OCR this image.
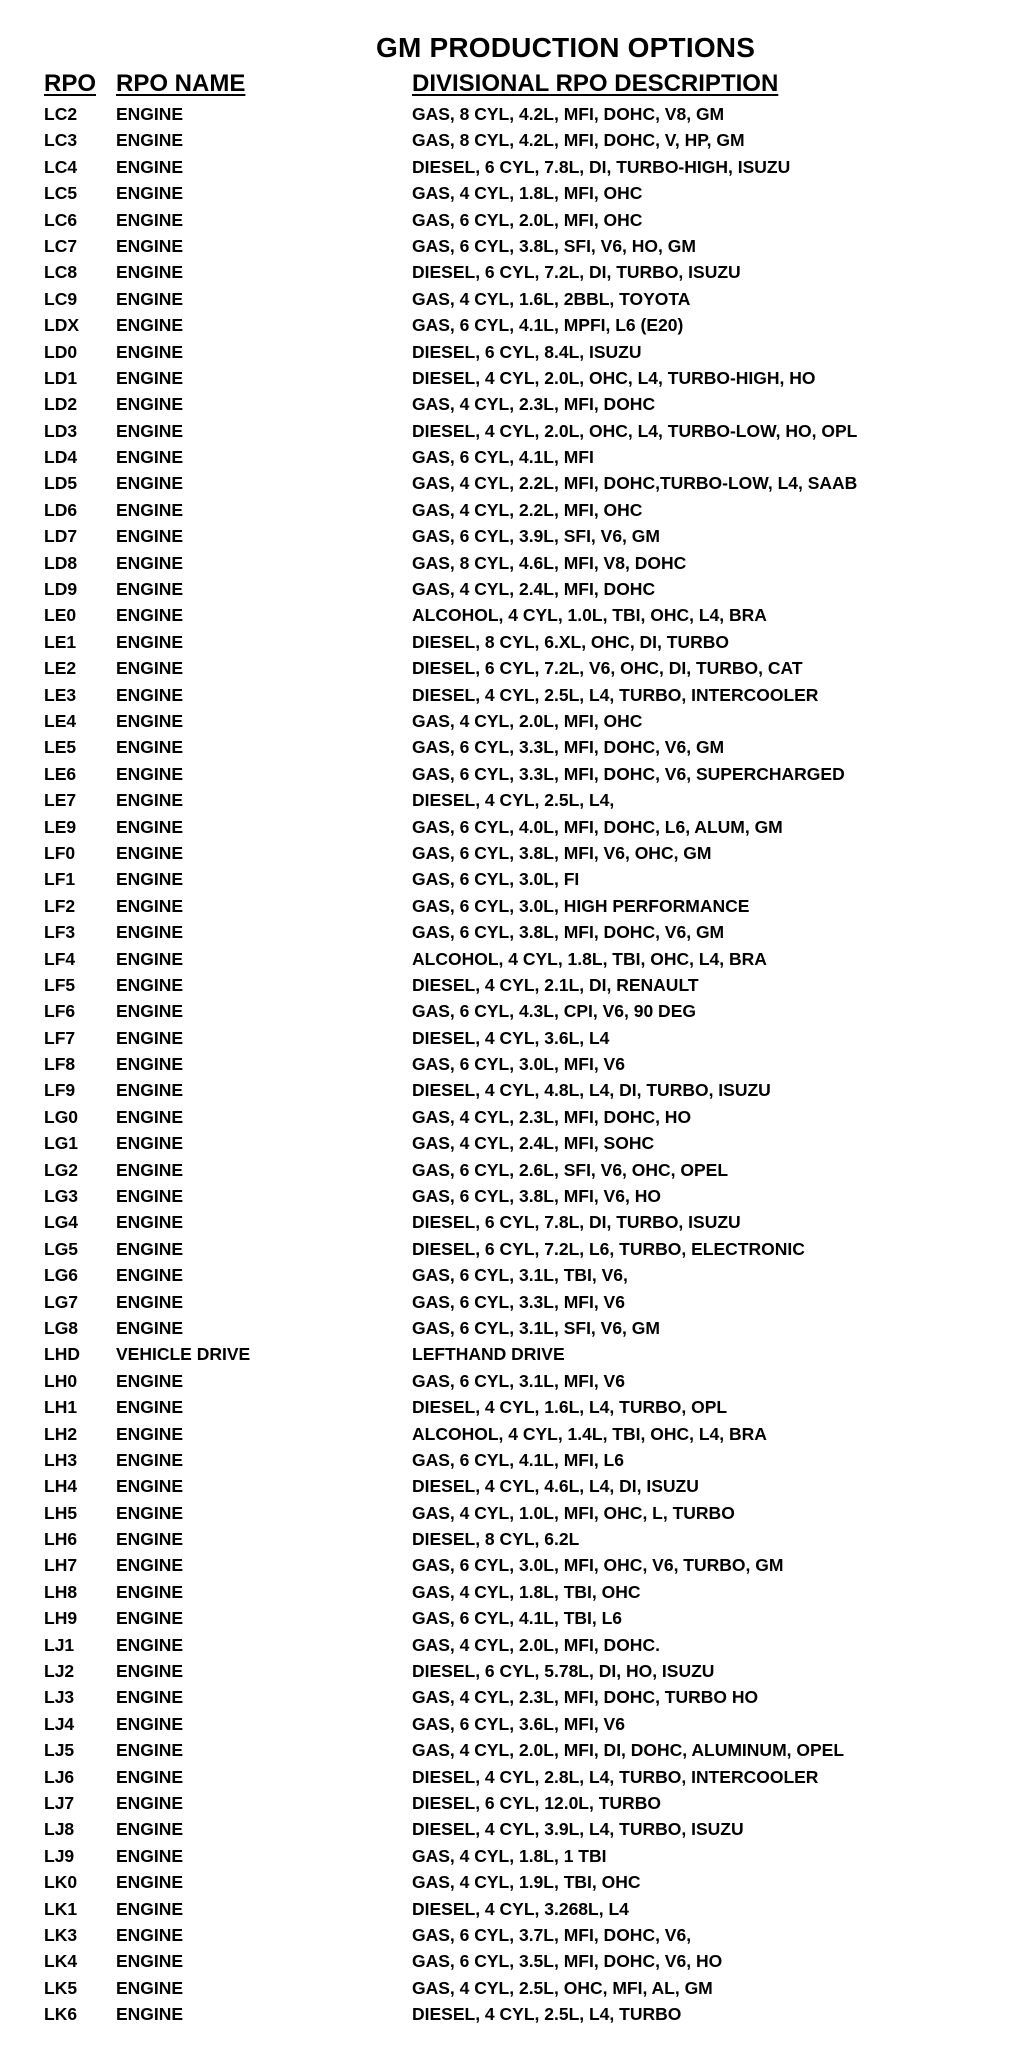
GM PRODUCTION OPTIONS
RPO RPO NAME	DIVISIONAL RPO DESCRIPTION
LC2 ENGINE	GAS, 8 CYL, 4.2L, MFI, DOHC, V8, GM
LC3 ENGINE	GAS, 8 CYL, 4.2L, MFI, DOHC, V, HP, GM
LC4 ENGINE	DIESEL, 6 CYL, 7.8L, DI, TURBO-HIGH, ISUZU
LC5 ENGINE	GAS, 4 CYL, 1.8L, MFI, OHC
LC6 ENGINE	GAS, 6 CYL, 2.0L, MFI, OHC
LC7 ENGINE	GAS, 6 CYL, 3.8L, SFI, V6, HO, GM
LC8 ENGINE	DIESEL, 6 CYL, 7.2L, DI, TURBO, ISUZU
LC9 ENGINE	GAS, 4 CYL, 1.6L, 2BBL, TOYOTA
LDX ENGINE	GAS, 6 CYL, 4.1L, MPFI, L6 (E20)
LD0 ENGINE	DIESEL, 6 CYL, 8.4L, ISUZU
LD1 ENGINE	DIESEL, 4 CYL, 2.0L, OHC, L4, TURBO-HIGH, HO
LD2 ENGINE	GAS, 4 CYL, 2.3L, MFI, DOHC
LD3 ENGINE	DIESEL, 4 CYL, 2.0L, OHC, L4, TURBO-LOW, HO, OPL
LD4 ENGINE	GAS, 6 CYL, 4.1L, MFI
LD5 ENGINE	GAS, 4 CYL, 2.2L, MFI, DOHC,TURBO-LOW, L4, SAAB
LD6 ENGINE	GAS, 4 CYL, 2.2L, MFI, OHC
LD7 ENGINE	GAS, 6 CYL, 3.9L, SFI, V6, GM
LD8 ENGINE	GAS, 8 CYL, 4.6L, MFI, V8, DOHC
LD9 ENGINE	GAS, 4 CYL, 2.4L, MFI, DOHC
LE0 ENGINE	ALCOHOL, 4 CYL, 1.0L, TBI, OHC, L4, BRA
LE1 ENGINE	DIESEL, 8 CYL, 6.XL, OHC, DI, TURBO
LE2 ENGINE	DIESEL, 6 CYL, 7.2L, V6, OHC, DI, TURBO, CAT
LE3 ENGINE	DIESEL, 4 CYL, 2.5L, L4, TURBO, INTERCOOLER
LE4 ENGINE	GAS, 4 CYL, 2.0L, MFI, OHC
LE5 ENGINE	GAS, 6 CYL, 3.3L, MFI, DOHC, V6, GM
LE6 ENGINE	GAS, 6 CYL, 3.3L, MFI, DOHC, V6, SUPERCHARGED
LE7 ENGINE	DIESEL, 4 CYL, 2.5L, L4,
LE9 ENGINE	GAS, 6 CYL, 4.0L, MFI, DOHC, L6, ALUM, GM
LF0 ENGINE	GAS, 6 CYL, 3.8L, MFI, V6, OHC, GM
LF1 ENGINE	GAS, 6 CYL, 3.0L, FI
LF2 ENGINE	GAS, 6 CYL, 3.0L, HIGH PERFORMANCE
LF3 ENGINE	GAS, 6 CYL, 3.8L, MFI, DOHC, V6, GM
LF4 ENGINE	ALCOHOL, 4 CYL, 1.8L, TBI, OHC, L4, BRA
LF5 ENGINE	DIESEL, 4 CYL, 2.1L, DI, RENAULT
LF6 ENGINE	GAS, 6 CYL, 4.3L, CPI, V6, 90 DEG
LF7 ENGINE	DIESEL, 4 CYL, 3.6L, L4
LF8 ENGINE	GAS, 6 CYL, 3.0L, MFI, V6
LF9 ENGINE	DIESEL, 4 CYL, 4.8L, L4, DI, TURBO, ISUZU
LG0 ENGINE	GAS, 4 CYL, 2.3L, MFI, DOHC, HO
LG1 ENGINE	GAS, 4 CYL, 2.4L, MFI, SOHC
LG2 ENGINE	GAS, 6 CYL, 2.6L, SFI, V6, OHC, OPEL
LG3 ENGINE	GAS, 6 CYL, 3.8L, MFI, V6, HO
LG4 ENGINE	DIESEL, 6 CYL, 7.8L, DI, TURBO, ISUZU
LG5 ENGINE	DIESEL, 6 CYL, 7.2L, L6, TURBO, ELECTRONIC
LG6 ENGINE	GAS, 6 CYL, 3.1L, TBI, V6,
LG7 ENGINE	GAS, 6 CYL, 3.3L, MFI, V6
LG8 ENGINE	GAS, 6 CYL, 3.1L, SFI, V6, GM
LHD VEHICLE DRIVE	LEFTHAND DRIVE
LH0 ENGINE	GAS, 6 CYL, 3.1L, MFI, V6
LH1 ENGINE	DIESEL, 4 CYL, 1.6L, L4, TURBO, OPL
LH2 ENGINE	ALCOHOL, 4 CYL, 1.4L, TBI, OHC, L4, BRA
LH3 ENGINE	GAS, 6 CYL, 4.1L, MFI, L6
LH4 ENGINE	DIESEL, 4 CYL, 4.6L, L4, DI, ISUZU
LH5 ENGINE	GAS, 4 CYL, 1.0L, MFI, OHC, L, TURBO
LH6 ENGINE	DIESEL, 8 CYL, 6.2L
LH7 ENGINE	GAS, 6 CYL, 3.0L, MFI, OHC, V6, TURBO, GM
LH8 ENGINE	GAS, 4 CYL, 1.8L, TBI, OHC
LH9 ENGINE	GAS, 6 CYL, 4.1L, TBI, L6
LJ1 ENGINE	GAS, 4 CYL, 2.0L, MFI, DOHC.
LJ2 ENGINE	DIESEL, 6 CYL, 5.78L, DI, HO, ISUZU
LJ3 ENGINE	GAS, 4 CYL, 2.3L, MFI, DOHC, TURBO HO
LJ4 ENGINE	GAS, 6 CYL, 3.6L, MFI, V6
LJ5 ENGINE	GAS, 4 CYL, 2.0L, MFI, DI, DOHC, ALUMINUM, OPEL
LJ6 ENGINE	DIESEL, 4 CYL, 2.8L, L4, TURBO, INTERCOOLER
LJ7 ENGINE	DIESEL, 6 CYL, 12.0L, TURBO
LJ8 ENGINE	DIESEL, 4 CYL, 3.9L, L4, TURBO, ISUZU
LJ9 ENGINE	GAS, 4 CYL, 1.8L, 1 TBI
LK0 ENGINE	GAS, 4 CYL, 1.9L, TBI, OHC
LK1 ENGINE	DIESEL, 4 CYL, 3.268L, L4
LK3 ENGINE	GAS, 6 CYL, 3.7L, MFI, DOHC, V6,
LK4 ENGINE	GAS, 6 CYL, 3.5L, MFI, DOHC, V6, HO
LK5 ENGINE	GAS, 4 CYL, 2.5L, OHC, MFI, AL, GM
LK6 ENGINE	DIESEL, 4 CYL, 2.5L, L4, TURBO
